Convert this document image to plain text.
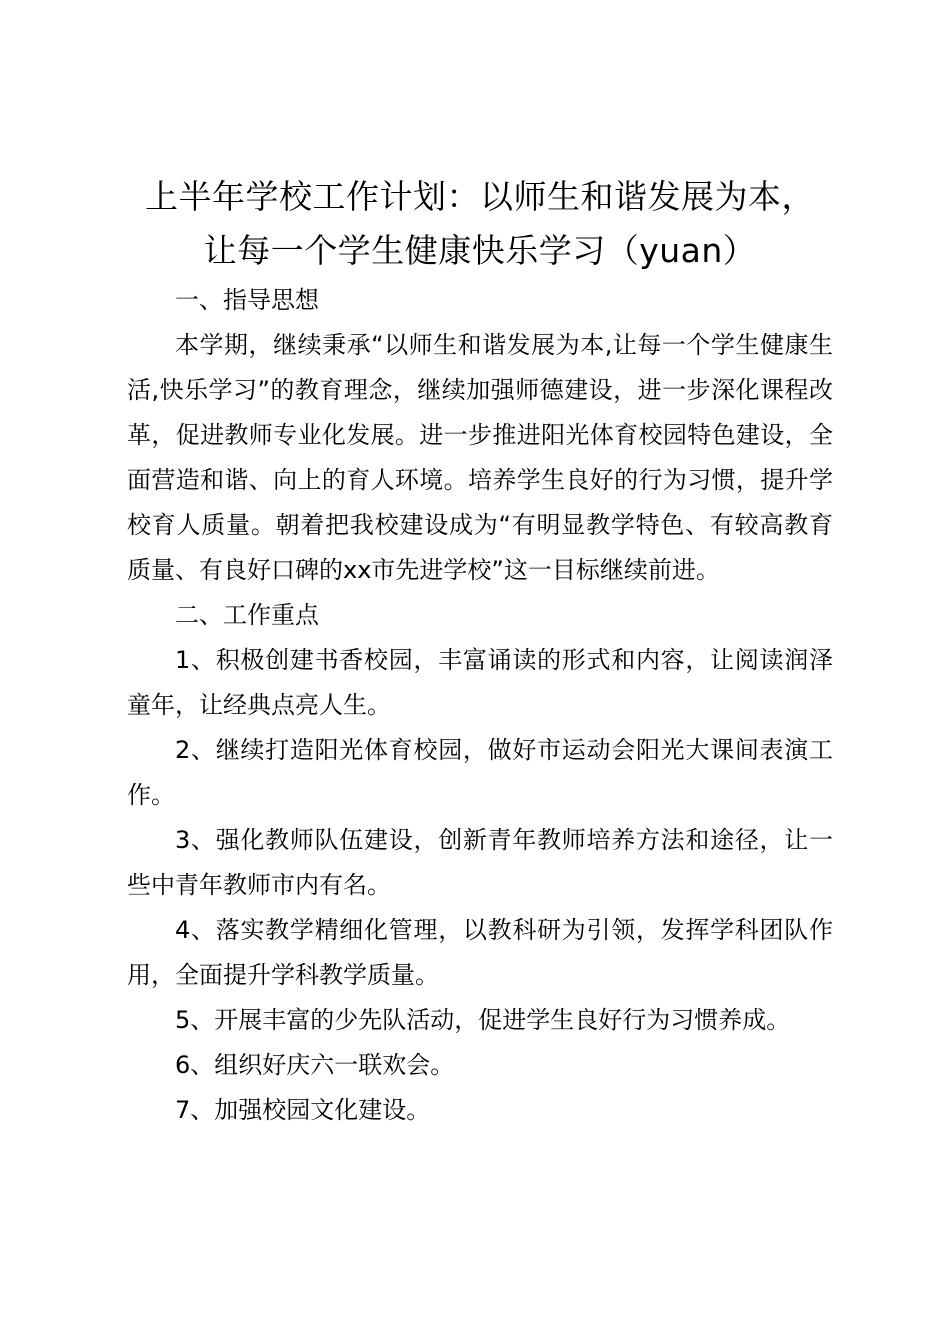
上半年学校工作计划：以师生和谐发展为本，
让每一个学生健康快乐学习（yuan）

一、指导思想

本学期，继续秉承“以师生和谐发展为本,让每一个学生健康生活,快乐学习”的教育理念，继续加强师德建设，进一步深化课程改革，促进教师专业化发展。进一步推进阳光体育校园特色建设，全面营造和谐、向上的育人环境。培养学生良好的行为习惯，提升学校育人质量。朝着把我校建设成为“有明显教学特色、有较高教育质量、有良好口碑的xx市先进学校”这一目标继续前进。

二、工作重点

1、积极创建书香校园，丰富诵读的形式和内容，让阅读润泽童年，让经典点亮人生。

2、继续打造阳光体育校园，做好市运动会阳光大课间表演工作。

3、强化教师队伍建设，创新青年教师培养方法和途径，让一些中青年教师市内有名。

4、落实教学精细化管理，以教科研为引领，发挥学科团队作用，全面提升学科教学质量。

5、开展丰富的少先队活动，促进学生良好行为习惯养成。

6、组织好庆六一联欢会。

7、加强校园文化建设。
